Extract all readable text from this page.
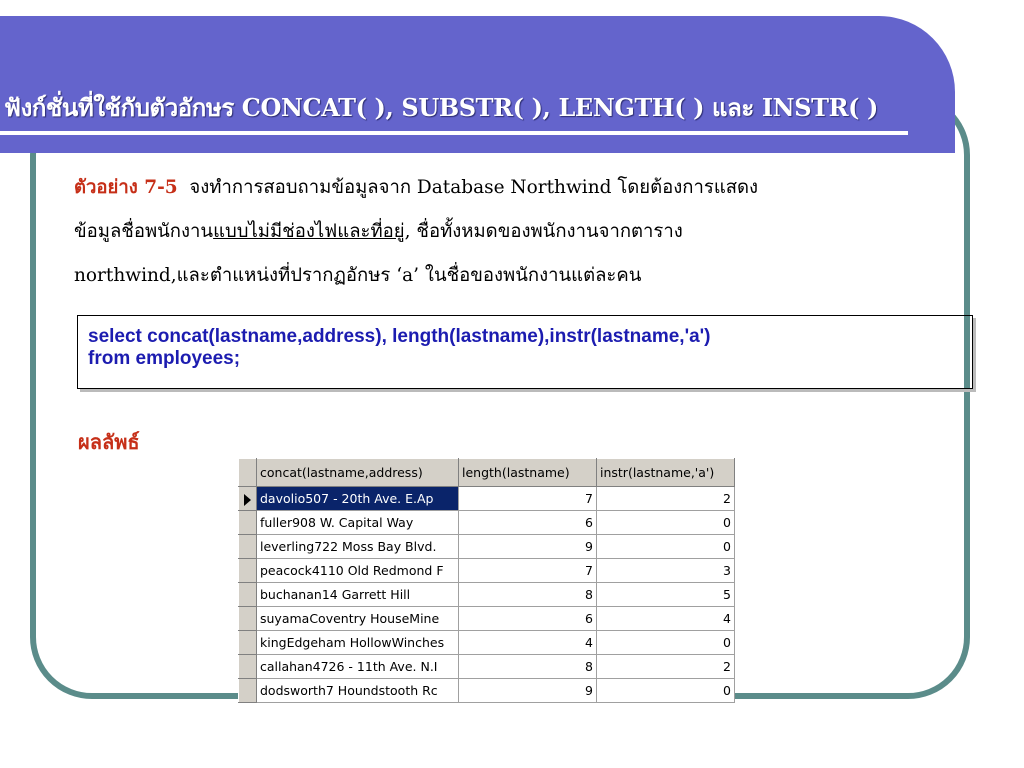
ฟังก์ชั่นที่ใช้กับตัวอักษร CONCAT( ), SUBSTR( ), LENGTH( ) และ INSTR( )
ตัวอย่าง 7-5 จงทำการสอบถามข้อมูลจาก Database Northwind โดยต้องการแสดง
ข้อมูลชื่อพนักงานแบบไม่มีช่องไฟและที่อยู่, ชื่อทั้งหมดของพนักงานจากตาราง
northwind,และตำแหน่งที่ปรากฏอักษร ‘a’ ในชื่อของพนักงานแต่ละคน
select concat(lastname,address), length(lastname),instr(lastname,'a')
from employees;
ผลลัพธ์
	concat(lastname,address)	length(lastname)	instr(lastname,'a')
	davolio507 - 20th Ave. E.Ap	7	2
	fuller908 W. Capital Way	6	0
	leverling722 Moss Bay Blvd.	9	0
	peacock4110 Old Redmond F	7	3
	buchanan14 Garrett Hill	8	5
	suyamaCoventry HouseMine	6	4
	kingEdgeham HollowWinches	4	0
	callahan4726 - 11th Ave. N.I	8	2
	dodsworth7 Houndstooth Rc	9	0
